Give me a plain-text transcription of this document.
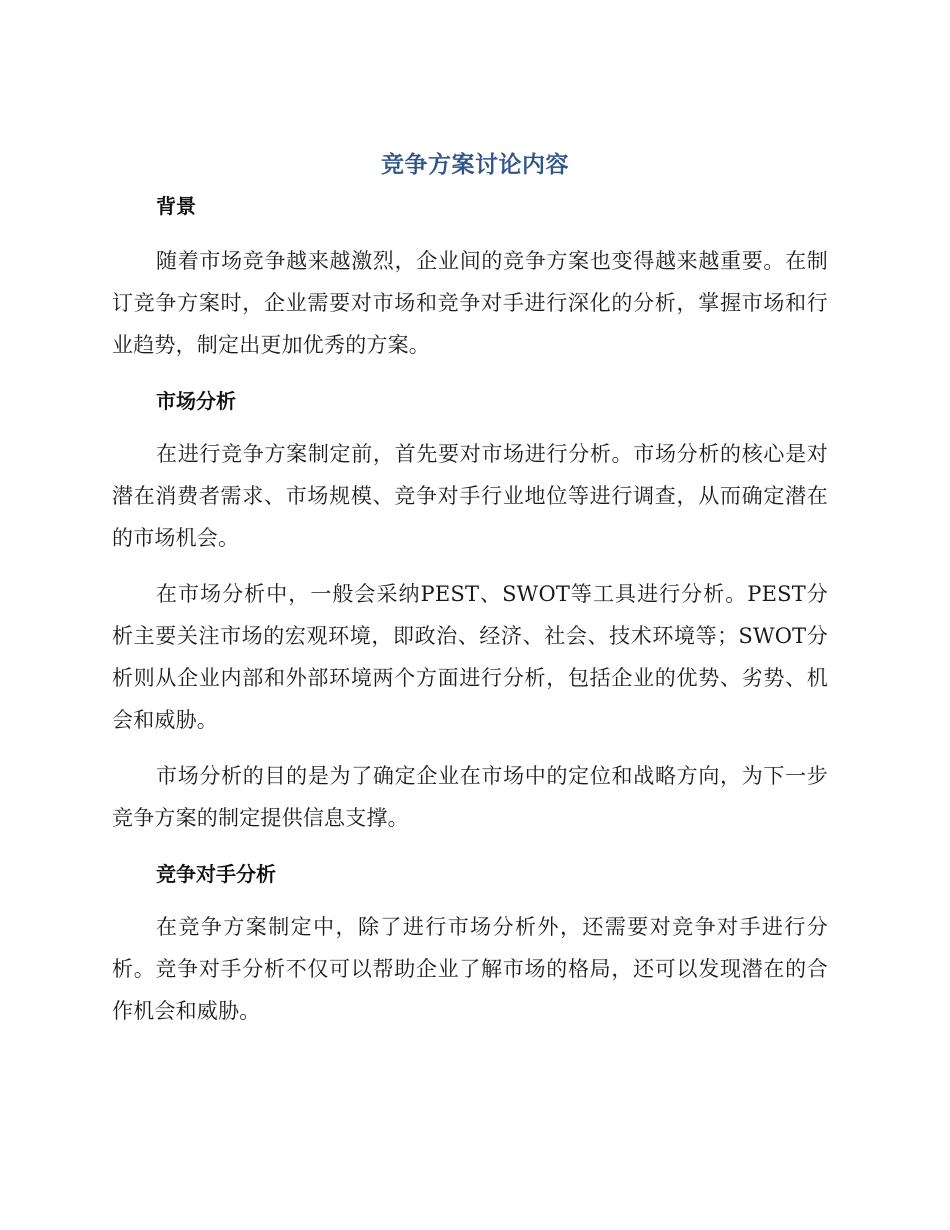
竞争方案讨论内容
背景

随着市场竞争越来越激烈，企业间的竞争方案也变得越来越重要。在制订竞争方案时，企业需要对市场和竞争对手进行深化的分析，掌握市场和行业趋势，制定出更加优秀的方案。

市场分析

在进行竞争方案制定前，首先要对市场进行分析。市场分析的核心是对潜在消费者需求、市场规模、竞争对手行业地位等进行调查，从而确定潜在的市场机会。

在市场分析中，一般会采纳PEST、SWOT等工具进行分析。PEST分析主要关注市场的宏观环境，即政治、经济、社会、技术环境等；SWOT分析则从企业内部和外部环境两个方面进行分析，包括企业的优势、劣势、机会和威胁。

市场分析的目的是为了确定企业在市场中的定位和战略方向，为下一步竞争方案的制定提供信息支撑。

竞争对手分析

在竞争方案制定中，除了进行市场分析外，还需要对竞争对手进行分析。竞争对手分析不仅可以帮助企业了解市场的格局，还可以发现潜在的合作机会和威胁。
